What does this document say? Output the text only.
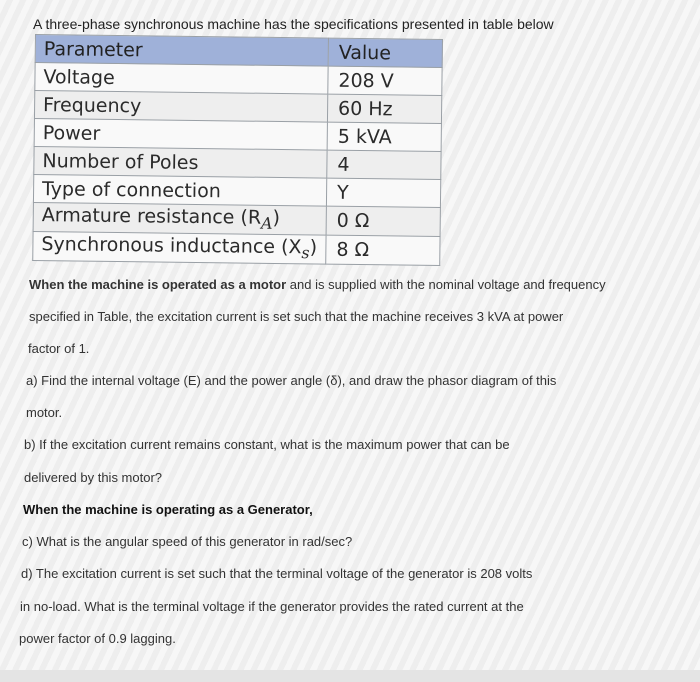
A three-phase synchronous machine has the specifications presented in table below
Parameter	Value
Voltage	208 V
Frequency	60 Hz
Power	5 kVA
Number of Poles	4
Type of connection	Y
Armature resistance $(R_A)$	0 Ω
Synchronous inductance $(X_s)$	8 Ω
When the machine is operated as a motor and is supplied with the nominal voltage and frequency
specified in Table, the excitation current is set such that the machine receives 3 kVA at power
factor of 1.
a) Find the internal voltage (E) and the power angle (δ), and draw the phasor diagram of this
motor.
b) If the excitation current remains constant, what is the maximum power that can be
delivered by this motor?
When the machine is operating as a Generator,
c) What is the angular speed of this generator in rad/sec?
d) The excitation current is set such that the terminal voltage of the generator is 208 volts
in no-load. What is the terminal voltage if the generator provides the rated current at the
power factor of 0.9 lagging.
